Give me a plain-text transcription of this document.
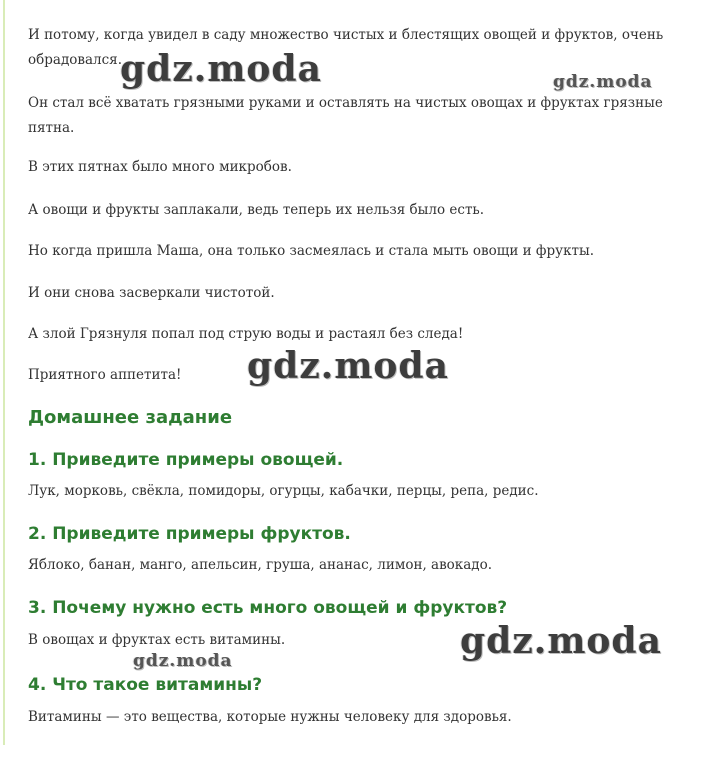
И потому, когда увидел в саду множество чистых и блестящих овощей и фруктов, очень обрадовался.

Он стал всё хватать грязными руками и оставлять на чистых овощах и фруктах грязные пятна.

В этих пятнах было много микробов.

А овощи и фрукты заплакали, ведь теперь их нельзя было есть.

Но когда пришла Маша, она только засмеялась и стала мыть овощи и фрукты.

И они снова засверкали чистотой.

А злой Грязнуля попал под струю воды и растаял без следа!

Приятного аппетита!

Домашнее задание
1. Приведите примеры овощей.

Лук, морковь, свёкла, помидоры, огурцы, кабачки, перцы, репа, редис.

2. Приведите примеры фруктов.

Яблоко, банан, манго, апельсин, груша, ананас, лимон, авокадо.

3. Почему нужно есть много овощей и фруктов?

В овощах и фруктах есть витамины.

4. Что такое витамины?

Витамины — это вещества, которые нужны человеку для здоровья.

gdz.moda	gdz.moda
gdz.moda
gdz.moda
gdz.moda
